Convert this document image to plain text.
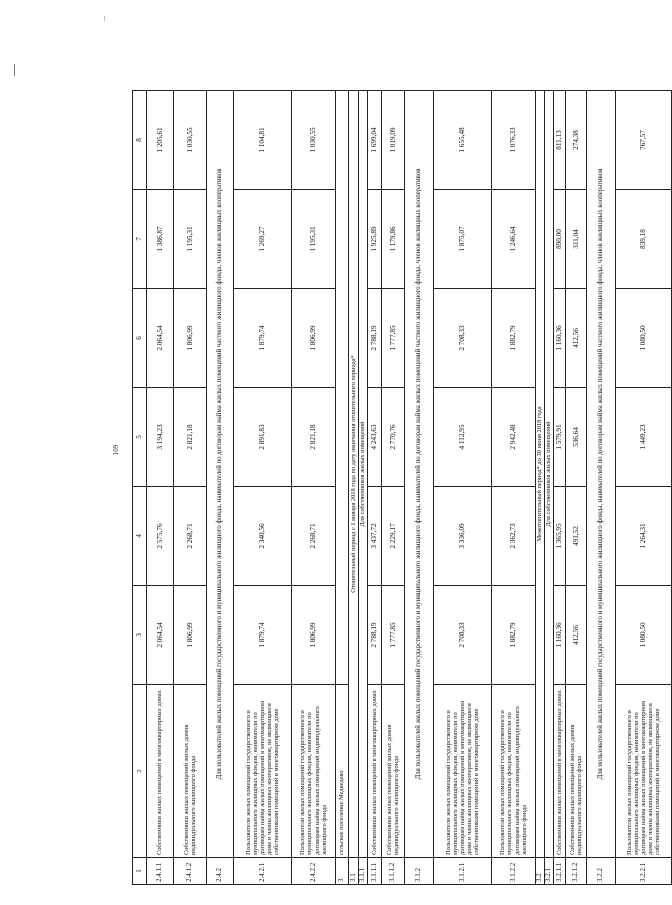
109
1	2	3	4	5	6	7	8
2.4.1.1	Собственники жилых помещений в многоквартирных домах	2 064,54	2 575,76	3 194,23	2 064,54	1 386,87	1 205,61
2.4.1.2	Собственники жилых помещений жилых домов индивидуального жилищного фонда	1 806,99	2 268,71	2 821,18	1 806,99	1 195,31	1 030,55
2.4.2	Для пользователей жилых помещений государственного и муниципального жилищного фонда, нанимателей по договорам найма жилых помещений частного жилищного фонда, членов жилищных кооперативов						
2.4.2.1	Пользователи жилых помещений государственного и муниципального жилищных фондов, наниматели по договорам найма жилых помещений в многоквартирном доме и члены жилищных кооперативов, не являющиеся собственниками помещений в многоквартирном доме	1 879,74	2 340,56	2 891,83	1 879,74	1 269,27	1 104,81
2.4.2.2	Пользователи жилых помещений государственного и муниципального жилищных фондов, наниматели по договорам найма жилых помещений индивидуального жилищного фонда	1 806,99	2 268,71	2 821,18	1 806,99	1 195,31	1 030,55
3	сельское поселение Медведево						
3.1	Отопительный период с 1 января 2018 года по дату окончания отопительного периода*						
3.1.1	Для собственников жилых помещений						
3.1.1.1	Собственники жилых помещений в многоквартирных домах	2 788,19	3 437,72	4 243,63	2 788,19	1 925,89	1 699,04
3.1.1.2	Собственники жилых помещений жилых домов индивидуального жилищного фонда	1 777,85	2 229,17	2 770,76	1 777,85	1 179,86	1 019,09
3.1.2	Для пользователей жилых помещений государственного и муниципального жилищного фонда, нанимателей по договорам найма жилых помещений частного жилищного фонда, членов жилищных кооперативов						
3.1.2.1	Пользователи жилых помещений государственного и муниципального жилищных фондов, наниматели по договорам найма жилых помещений в многоквартирном доме и члены жилищных кооперативов, не являющиеся собственниками помещений в многоквартирном доме	2 708,33	3 336,09	4 112,95	2 708,33	1 875,07	1 655,48
3.1.2.2	Пользователи жилых помещений государственного и муниципального жилищных фондов, наниматели по договорам найма жилых помещений индивидуального жилищного фонда	1 882,79	2 362,73	2 942,48	1 882,79	1 246,64	1 076,33
3.2	Межотопительный период* до 30 июня 2018 года						
3.2.1	Для собственников жилых помещений						
3.2.1.1	Собственники жилых помещений в многоквартирных домах	1 160,36	1 365,95	1 579,91	1 160,36	890,00	811,13
3.2.1.2	Собственники жилых помещений жилых домов индивидуального жилищного фонда	412,56	491,52	536,64	412,56	311,04	274,38
3.2.2	Для пользователей жилых помещений государственного и муниципального жилищного фонда, нанимателей по договорам найма жилых помещений частного жилищного фонда, членов жилищных кооперативов						
3.2.2.1	Пользователи жилых помещений государственного и муниципального жилищных фондов, наниматели по договорам найма жилых помещений в многоквартирном доме и члены жилищных кооперативов, не являющиеся собственниками помещений в многоквартирном доме	1 080,50	1 264,31	1 449,23	1 080,50	839,18	767,57
